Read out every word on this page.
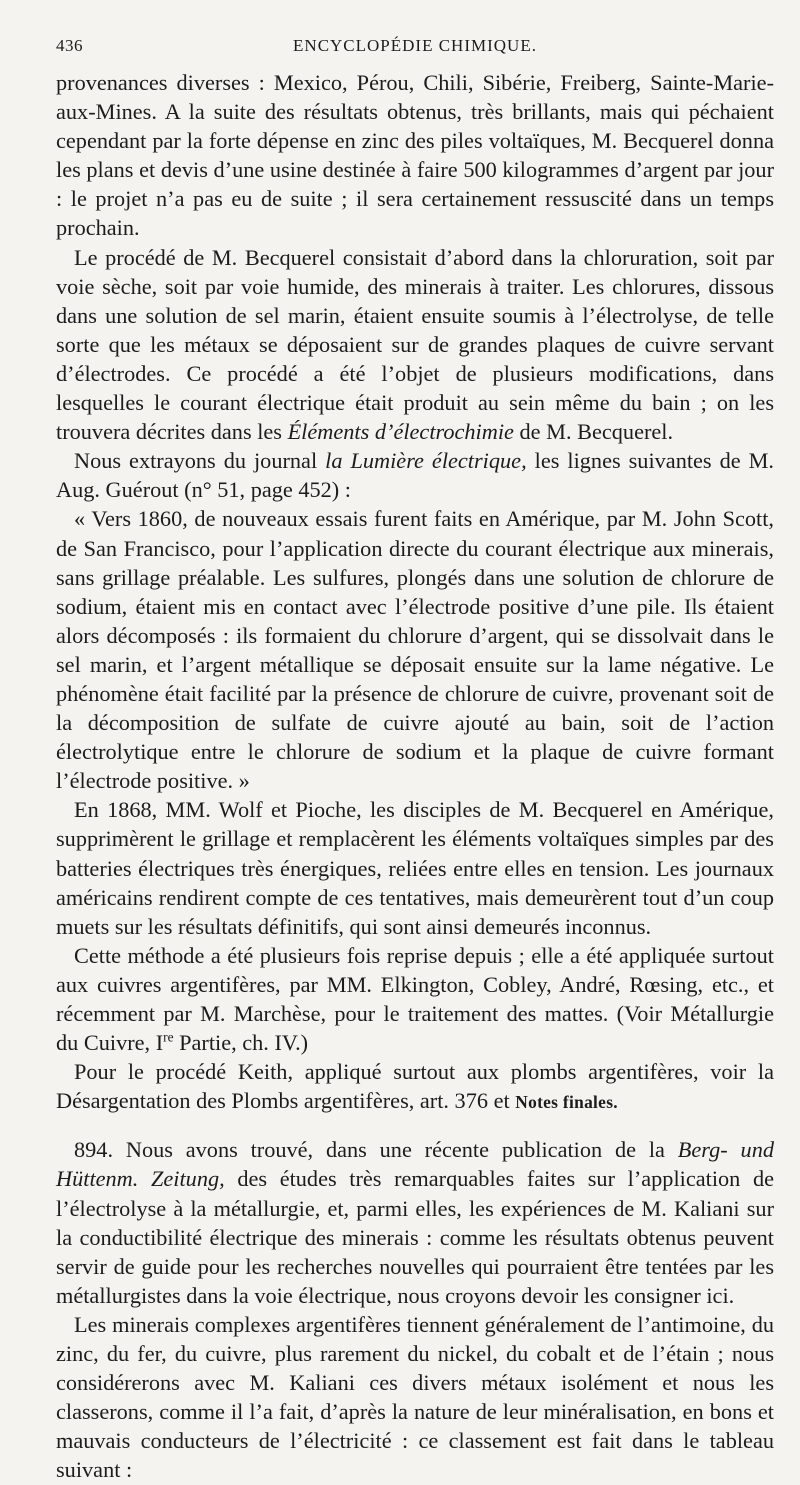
436	ENCYCLOPÉDIE CHIMIQUE.

provenances diverses : Mexico, Pérou, Chili, Sibérie, Freiberg, Sainte-Marie-aux-Mines. A la suite des résultats obtenus, très brillants, mais qui péchaient cependant par la forte dépense en zinc des piles voltaïques, M. Becquerel donna les plans et devis d’une usine destinée à faire 500 kilogrammes d’argent par jour : le projet n’a pas eu de suite ; il sera certainement ressuscité dans un temps prochain.

Le procédé de M. Becquerel consistait d’abord dans la chloruration, soit par voie sèche, soit par voie humide, des minerais à traiter. Les chlorures, dissous dans une solution de sel marin, étaient ensuite soumis à l’électrolyse, de telle sorte que les métaux se déposaient sur de grandes plaques de cuivre servant d’électrodes. Ce procédé a été l’objet de plusieurs modifications, dans lesquelles le courant électrique était produit au sein même du bain ; on les trouvera décrites dans les Éléments d’électrochimie de M. Becquerel.

Nous extrayons du journal la Lumière électrique, les lignes suivantes de M. Aug. Guérout (n° 51, page 452) :

« Vers 1860, de nouveaux essais furent faits en Amérique, par M. John Scott, de San Francisco, pour l’application directe du courant électrique aux minerais, sans grillage préalable. Les sulfures, plongés dans une solution de chlorure de sodium, étaient mis en contact avec l’électrode positive d’une pile. Ils étaient alors décomposés : ils formaient du chlorure d’argent, qui se dissolvait dans le sel marin, et l’argent métallique se déposait ensuite sur la lame négative. Le phénomène était facilité par la présence de chlorure de cuivre, provenant soit de la décomposition de sulfate de cuivre ajouté au bain, soit de l’action électrolytique entre le chlorure de sodium et la plaque de cuivre formant l’électrode positive. »

En 1868, MM. Wolf et Pioche, les disciples de M. Becquerel en Amérique, supprimèrent le grillage et remplacèrent les éléments voltaïques simples par des batteries électriques très énergiques, reliées entre elles en tension. Les journaux américains rendirent compte de ces tentatives, mais demeurèrent tout d’un coup muets sur les résultats définitifs, qui sont ainsi demeurés inconnus.

Cette méthode a été plusieurs fois reprise depuis ; elle a été appliquée surtout aux cuivres argentifères, par MM. Elkington, Cobley, André, Rœsing, etc., et récemment par M. Marchèse, pour le traitement des mattes. (Voir Métallurgie du Cuivre, Ire Partie, ch. IV.)

Pour le procédé Keith, appliqué surtout aux plombs argentifères, voir la Désargentation des Plombs argentifères, art. 376 et Notes finales.

894. Nous avons trouvé, dans une récente publication de la Berg- und Hüttenm. Zeitung, des études très remarquables faites sur l’application de l’électrolyse à la métallurgie, et, parmi elles, les expériences de M. Kaliani sur la conductibilité électrique des minerais : comme les résultats obtenus peuvent servir de guide pour les recherches nouvelles qui pourraient être tentées par les métallurgistes dans la voie électrique, nous croyons devoir les consigner ici.

Les minerais complexes argentifères tiennent généralement de l’antimoine, du zinc, du fer, du cuivre, plus rarement du nickel, du cobalt et de l’étain ; nous considérerons avec M. Kaliani ces divers métaux isolément et nous les classerons, comme il l’a fait, d’après la nature de leur minéralisation, en bons et mauvais conducteurs de l’électricité : ce classement est fait dans le tableau suivant :
